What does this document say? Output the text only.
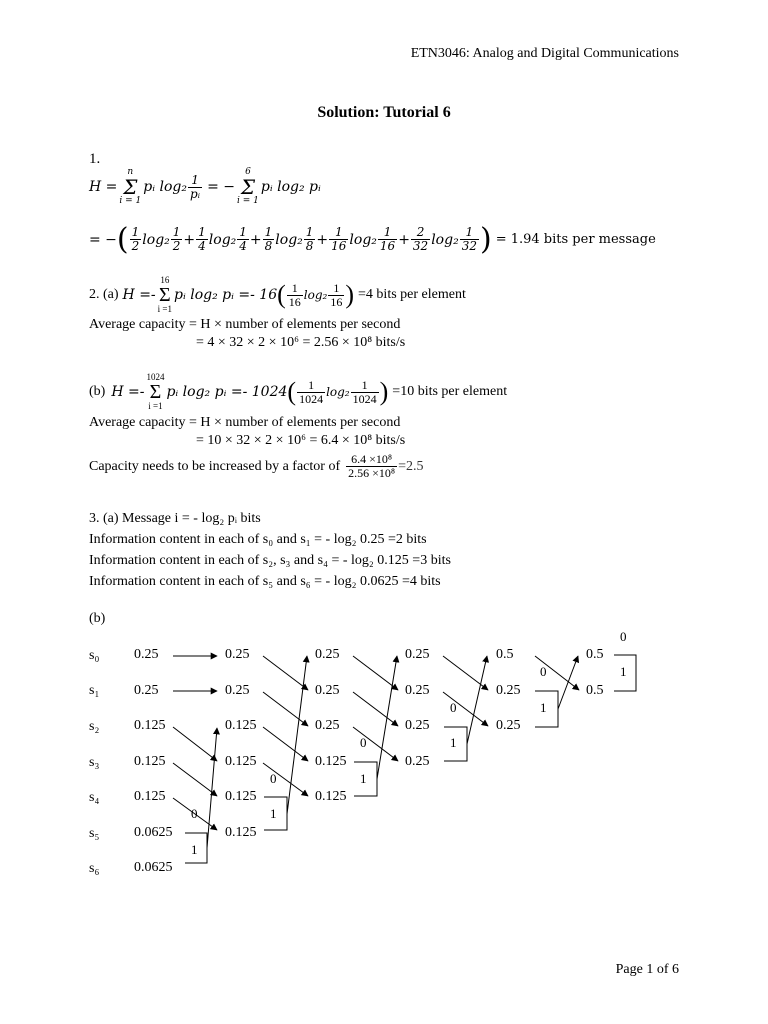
ETN3046: Analog and Digital Communications
Solution: Tutorial 6
1.
H =
n
Σ
i = 1
pᵢ $\log_2 \frac{1}{\text{pᵢ}}$ = −
6
Σ
i = 1
pᵢ log₂ pᵢ
= − ( $\frac{1}{2} \log_2 \frac{1}{2} + \frac{1}{4} \log_2 \frac{1}{4} + \frac{1}{8} \log_2 \frac{1}{8} + \frac{1}{16} \log_2 \frac{1}{16} + \frac{2}{32} \log_2 \frac{1}{32}$ ) = 1.94 bits per message
2. (a) H =-
16
Σ
i =1
pᵢ log₂ pᵢ =- 16 ( $\frac{1}{16} \log_2 \frac{1}{16}$ ) =4 bits per element
Average capacity = H × number of elements per second
= 4 × 32 × 2 × 10⁶ = 2.56 × 10⁸ bits/s
(b) H =-
1024
Σ
i =1
pᵢ log₂ pᵢ =- 1024 ( $\frac{1}{1024} \log_2 \frac{1}{1024}$ ) =10 bits per element
Average capacity = H × number of elements per second
= 10 × 32 × 2 × 10⁶ = 6.4 × 10⁸ bits/s
Capacity needs to be increased by a factor of $\frac{\text{6.4 ×10⁸}}{\text{2.56 ×10⁸}} =2.5$
3. (a) Message i = - log₂ pᵢ bits
Information content in each of s₀ and s₁ = - log₂ 0.25 =2 bits
Information content in each of s₂, s₃ and s₄ = - log₂ 0.125 =3 bits
Information content in each of s₅ and s₆ = - log₂ 0.0625 =4 bits
(b)
s₀
s₁
s₂
s₃
s₄
s₅
s₆
0.25
0.25
0.125
0.125
0.125
0.0625
0.0625
0.25
0.25
0.125
0.125
0.125
0.125
0.25
0.25
0.25
0.125
0.125
0.25
0.25
0.25
0.25
0.5
0.25
0.25
0.5
0.5
0
1
0
1
0
1
0
1
0
1
0
1
Page 1 of 6
